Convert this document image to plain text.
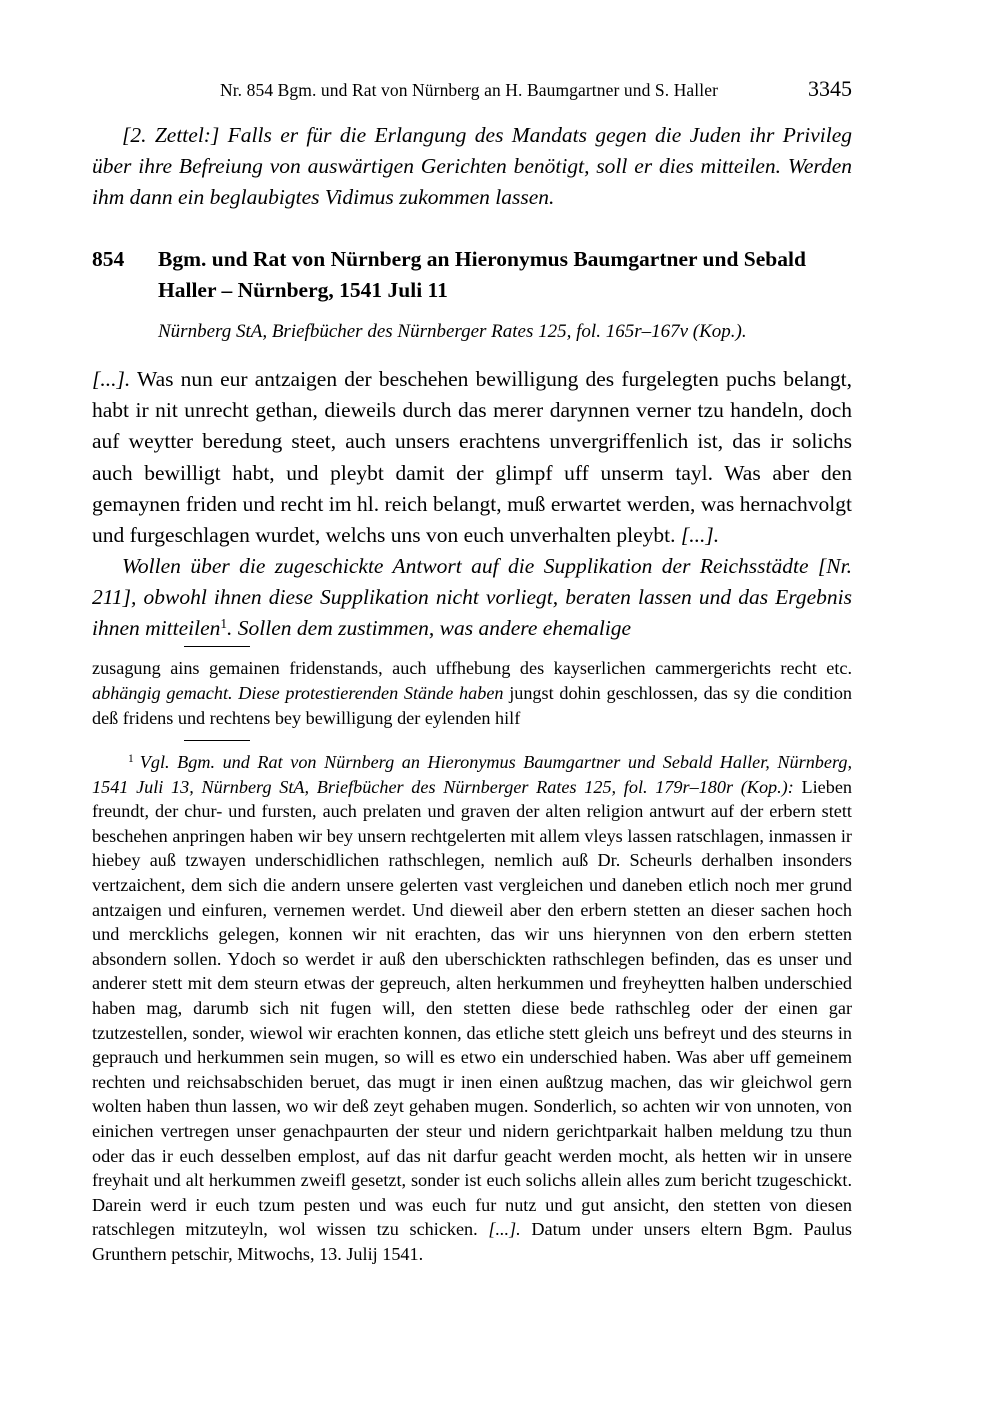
Nr. 854 Bgm. und Rat von Nürnberg an H. Baumgartner und S. Haller	3345

[2. Zettel:] Falls er für die Erlangung des Mandats gegen die Juden ihr Privileg über ihre Befreiung von auswärtigen Gerichten benötigt, soll er dies mitteilen. Werden ihm dann ein beglaubigtes Vidimus zukommen lassen.

854	Bgm. und Rat von Nürnberg an Hieronymus Baumgartner und Sebald Haller – Nürnberg, 1541 Juli 11

Nürnberg StA, Briefbücher des Nürnberger Rates 125, fol. 165r–167v (Kop.).

[...]. Was nun eur antzaigen der beschehen bewilligung des furgelegten puchs belangt, habt ir nit unrecht gethan, dieweils durch das merer darynnen verner tzu handeln, doch auf weytter beredung steet, auch unsers erachtens unvergriffenlich ist, das ir solichs auch bewilligt habt, und pleybt damit der glimpf uff unserm tayl. Was aber den gemaynen friden und recht im hl. reich belangt, muß erwartet werden, was hernachvolgt und furgeschlagen wurdet, welchs uns von euch unverhalten pleybt. [...].

Wollen über die zugeschickte Antwort auf die Supplikation der Reichsstädte [Nr. 211], obwohl ihnen diese Supplikation nicht vorliegt, beraten lassen und das Ergebnis ihnen mitteilen$^1$. Sollen dem zustimmen, was andere ehemalige

zusagung ains gemainen fridenstands, auch uffhebung des kayserlichen cammergerichts recht etc. abhängig gemacht. Diese protestierenden Stände haben jungst dohin geschlossen, das sy die condition deß fridens und rechtens bey bewilligung der eylenden hilf

$^1$ Vgl. Bgm. und Rat von Nürnberg an Hieronymus Baumgartner und Sebald Haller, Nürnberg, 1541 Juli 13, Nürnberg StA, Briefbücher des Nürnberger Rates 125, fol. 179r–180r (Kop.): Lieben freundt, der chur- und fursten, auch prelaten und graven der alten religion antwurt auf der erbern stett beschehen anpringen haben wir bey unsern rechtgelerten mit allem vleys lassen ratschlagen, inmassen ir hiebey auß tzwayen underschidlichen rathschlegen, nemlich auß Dr. Scheurls derhalben insonders vertzaichent, dem sich die andern unsere gelerten vast vergleichen und daneben etlich noch mer grund antzaigen und einfuren, vernemen werdet. Und dieweil aber den erbern stetten an dieser sachen hoch und mercklichs gelegen, konnen wir nit erachten, das wir uns hierynnen von den erbern stetten absondern sollen. Ydoch so werdet ir auß den uberschickten rathschlegen befinden, das es unser und anderer stett mit dem steurn etwas der gepreuch, alten herkummen und freyheytten halben underschied haben mag, darumb sich nit fugen will, den stetten diese bede rathschleg oder der einen gar tzutzestellen, sonder, wiewol wir erachten konnen, das etliche stett gleich uns befreyt und des steurns in geprauch und herkummen sein mugen, so will es etwo ein underschied haben. Was aber uff gemeinem rechten und reichsabschiden beruet, das mugt ir inen einen außtzug machen, das wir gleichwol gern wolten haben thun lassen, wo wir deß zeyt gehaben mugen. Sonderlich, so achten wir von unnoten, von einichen vertregen unser genachpaurten der steur und nidern gerichtparkait halben meldung tzu thun oder das ir euch desselben emplost, auf das nit darfur geacht werden mocht, als hetten wir in unsere freyhait und alt herkummen zweifl gesetzt, sonder ist euch solichs allein alles zum bericht tzugeschickt. Darein werd ir euch tzum pesten und was euch fur nutz und gut ansicht, den stetten von diesen ratschlegen mitzuteyln, wol wissen tzu schicken. [...]. Datum under unsers eltern Bgm. Paulus Grunthern petschir, Mitwochs, 13. Julij 1541.
